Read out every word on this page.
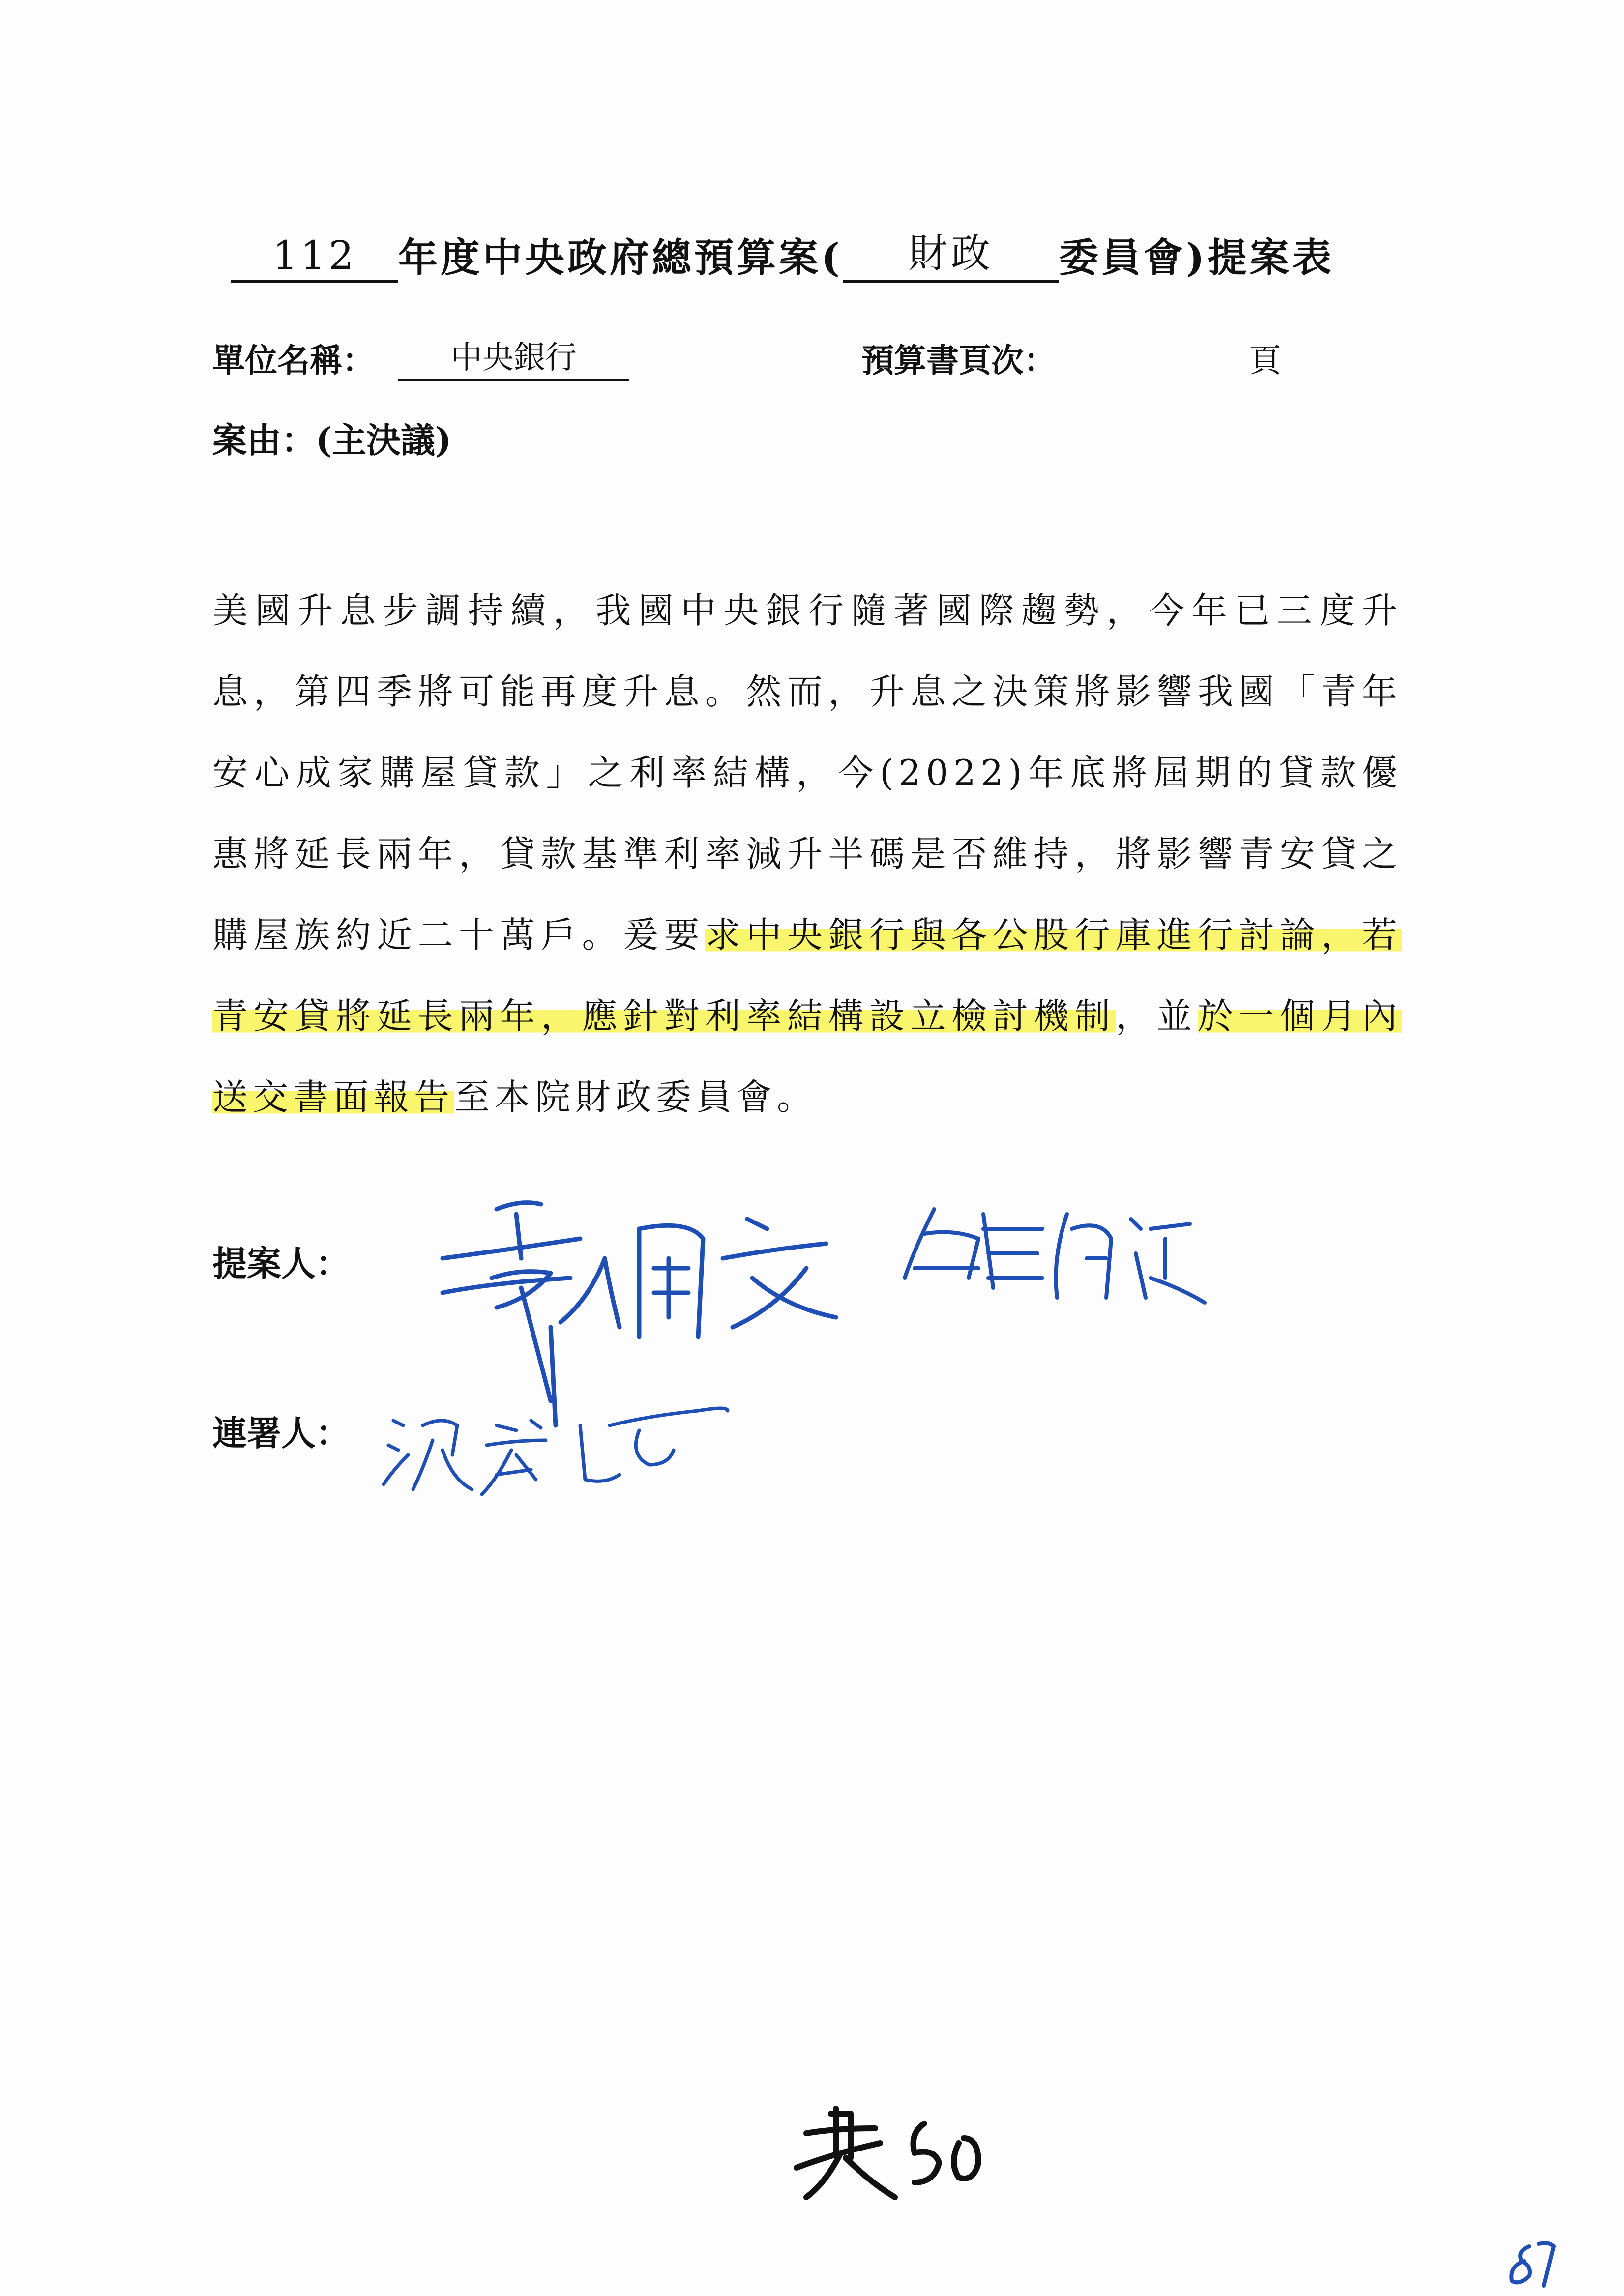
112	年度中央政府總預算案(	財政	委員會)提案表
單位名稱：	中央銀行	預算書頁次：	頁
案由：(主決議)
美國升息步調持續，我國中央銀行隨著國際趨勢，今年已三度升息，第四季將可能再度升息。然而，升息之決策將影響我國「青年安心成家購屋貸款」之利率結構，今(2022)年底將屆期的貸款優惠將延長兩年，貸款基準利率減升半碼是否維持，將影響青安貸之購屋族約近二十萬戶。爰要求中央銀行與各公股行庫進行討論，若青安貸將延長兩年，應針對利率結構設立檢討機制，並於一個月內送交書面報告至本院財政委員會。
提案人：
連署人：
